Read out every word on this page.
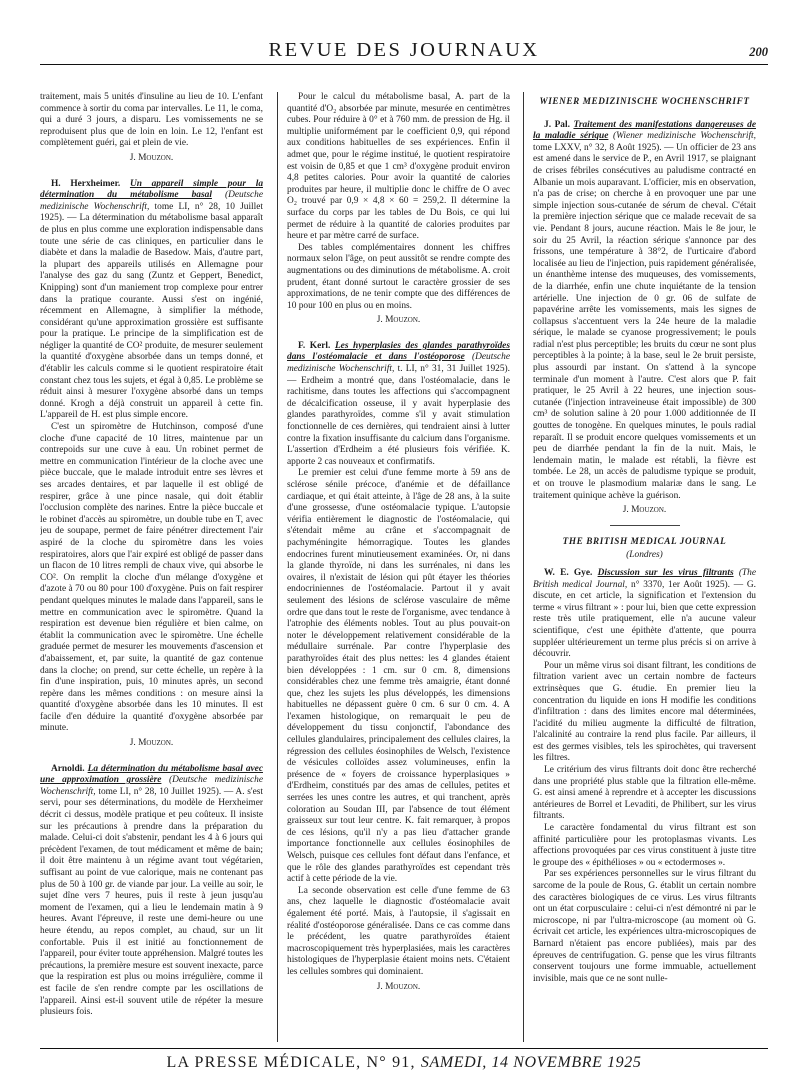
REVUE DES JOURNAUX	200

traitement, mais 5 unités d'insuline au lieu de 10. L'enfant commence à sortir du coma par intervalles. Le 11, le coma, qui a duré 3 jours, a disparu. Les vomissements ne se reproduisent plus que de loin en loin. Le 12, l'enfant est complètement guéri, gai et plein de vie.

J. Mouzon.

H. Herxheimer. Un appareil simple pour la détermination du métabolisme basal (Deutsche medizinische Wochenschrift, tome LI, n° 28, 10 Juillet 1925). — La détermination du métabolisme basal apparaît de plus en plus comme une exploration indispensable dans toute une série de cas cliniques, en particulier dans le diabète et dans la maladie de Basedow. Mais, d'autre part, la plupart des appareils utilisés en Allemagne pour l'analyse des gaz du sang (Zuntz et Geppert, Benedict, Knipping) sont d'un maniement trop complexe pour entrer dans la pratique courante. Aussi s'est on ingénié, récemment en Allemagne, à simplifier la méthode, considérant qu'une approximation grossière est suffisante pour la pratique. Le principe de la simplification est de négliger la quantité de CO² produite, de mesurer seulement la quantité d'oxygène absorbée dans un temps donné, et d'établir les calculs comme si le quotient respiratoire était constant chez tous les sujets, et égal à 0,85. Le problème se réduit ainsi à mesurer l'oxygène absorbé dans un temps donné. Krogh a déjà construit un appareil à cette fin. L'appareil de H. est plus simple encore.

C'est un spiromètre de Hutchinson, composé d'une cloche d'une capacité de 10 litres, maintenue par un contrepoids sur une cuve à eau. Un robinet permet de mettre en communication l'intérieur de la cloche avec une pièce buccale, que le malade introduit entre ses lèvres et ses arcades dentaires, et par laquelle il est obligé de respirer, grâce à une pince nasale, qui doit établir l'occlusion complète des narines. Entre la pièce buccale et le robinet d'accès au spiromètre, un double tube en T, avec jeu de soupape, permet de faire pénétrer directement l'air aspiré de la cloche du spiromètre dans les voies respiratoires, alors que l'air expiré est obligé de passer dans un flacon de 10 litres rempli de chaux vive, qui absorbe le CO². On remplit la cloche d'un mélange d'oxygène et d'azote à 70 ou 80 pour 100 d'oxygène. Puis on fait respirer pendant quelques minutes le malade dans l'appareil, sans le mettre en communication avec le spiromètre. Quand la respiration est devenue bien régulière et bien calme, on établit la communication avec le spiromètre. Une échelle graduée permet de mesurer les mouvements d'ascension et d'abaissement, et, par suite, la quantité de gaz contenue dans la cloche; on prend, sur cette échelle, un repère à la fin d'une inspiration, puis, 10 minutes après, un second repère dans les mêmes conditions : on mesure ainsi la quantité d'oxygène absorbée dans les 10 minutes. Il est facile d'en déduire la quantité d'oxygène absorbée par minute.

J. Mouzon.

Arnoldi. La détermination du métabolisme basal avec une approximation grossière (Deutsche medizinische Wochenschrift, tome LI, n° 28, 10 Juillet 1925). — A. s'est servi, pour ses déterminations, du modèle de Herxheimer décrit ci dessus, modèle pratique et peu coûteux. Il insiste sur les précautions à prendre dans la préparation du malade. Celui-ci doit s'abstenir, pendant les 4 à 6 jours qui précèdent l'examen, de tout médicament et même de bain; il doit être maintenu à un régime avant tout végétarien, suffisant au point de vue calorique, mais ne contenant pas plus de 50 à 100 gr. de viande par jour. La veille au soir, le sujet dîne vers 7 heures, puis il reste à jeun jusqu'au moment de l'examen, qui a lieu le lendemain matin à 9 heures. Avant l'épreuve, il reste une demi-heure ou une heure étendu, au repos complet, au chaud, sur un lit confortable. Puis il est initié au fonctionnement de l'appareil, pour éviter toute appréhension. Malgré toutes les précautions, la première mesure est souvent inexacte, parce que la respiration est plus ou moins irrégulière, comme il est facile de s'en rendre compte par les oscillations de l'appareil. Ainsi est-il souvent utile de répéter la mesure plusieurs fois.

Pour le calcul du métabolisme basal, A. part de la quantité d'O₂ absorbée par minute, mesurée en centimètres cubes. Pour réduire à 0° et à 760 mm. de pression de Hg. il multiplie uniformément par le coefficient 0,9, qui répond aux conditions habituelles de ses expériences. Enfin il admet que, pour le régime institué, le quotient respiratoire est voisin de 0,85 et que 1 cm³ d'oxygène produit environ 4,8 petites calories. Pour avoir la quantité de calories produites par heure, il multiplie donc le chiffre de O avec O₂ trouvé par 0,9 × 4,8 × 60 = 259,2. Il détermine la surface du corps par les tables de Du Bois, ce qui lui permet de réduire à la quantité de calories produites par heure et par mètre carré de surface.

Des tables complémentaires donnent les chiffres normaux selon l'âge, on peut aussitôt se rendre compte des augmentations ou des diminutions de métabolisme. A. croit prudent, étant donné surtout le caractère grossier de ses approximations, de ne tenir compte que des différences de 10 pour 100 en plus ou en moins.

J. Mouzon.

F. Kerl. Les hyperplasies des glandes parathyroïdes dans l'ostéomalacie et dans l'ostéoporose (Deutsche medizinische Wochenschrift, t. LI, n° 31, 31 Juillet 1925). — Erdheim a montré que, dans l'ostéomalacie, dans le rachitisme, dans toutes les affections qui s'accompagnent de décalcification osseuse, il y avait hyperplasie des glandes parathyroïdes, comme s'il y avait stimulation fonctionnelle de ces dernières, qui tendraient ainsi à lutter contre la fixation insuffisante du calcium dans l'organisme. L'assertion d'Erdheim a été plusieurs fois vérifiée. K. apporte 2 cas nouveaux et confirmatifs.

Le premier est celui d'une femme morte à 59 ans de sclérose sénile précoce, d'anémie et de défaillance cardiaque, et qui était atteinte, à l'âge de 28 ans, à la suite d'une grossesse, d'une ostéomalacie typique. L'autopsie vérifia entièrement le diagnostic de l'ostéomalacie, qui s'étendait même au crâne et s'accompagnait de pachyméningite hémorragique. Toutes les glandes endocrines furent minutieusement examinées. Or, ni dans la glande thyroïde, ni dans les surrénales, ni dans les ovaires, il n'existait de lésion qui pût étayer les théories endocriniennes de l'ostéomalacie. Partout il y avait seulement des lésions de sclérose vasculaire de même ordre que dans tout le reste de l'organisme, avec tendance à l'atrophie des éléments nobles. Tout au plus pouvait-on noter le développement relativement considérable de la médullaire surrénale. Par contre l'hyperplasie des parathyroïdes était des plus nettes: les 4 glandes étaient bien développées : 1 cm. sur 0 cm. 8, dimensions considérables chez une femme très amaigrie, étant donné que, chez les sujets les plus développés, les dimensions habituelles ne dépassent guère 0 cm. 6 sur 0 cm. 4. A l'examen histologique, on remarquait le peu de développement du tissu conjonctif, l'abondance des cellules glandulaires, principalement des cellules claires, la régression des cellules éosinophiles de Welsch, l'existence de vésicules colloïdes assez volumineuses, enfin la présence de « foyers de croissance hyperplasiques » d'Erdheim, constitués par des amas de cellules, petites et serrées les unes contre les autres, et qui tranchent, après coloration au Soudan III, par l'absence de tout élément graisseux sur tout leur centre. K. fait remarquer, à propos de ces lésions, qu'il n'y a pas lieu d'attacher grande importance fonctionnelle aux cellules éosinophiles de Welsch, puisque ces cellules font défaut dans l'enfance, et que le rôle des glandes parathyroïdes est cependant très actif à cette période de la vie.

La seconde observation est celle d'une femme de 63 ans, chez laquelle le diagnostic d'ostéomalacie avait également été porté. Mais, à l'autopsie, il s'agissait en réalité d'ostéoporose généralisée. Dans ce cas comme dans le précédent, les quatre parathyroïdes étaient macroscopiquement très hyperplasiées, mais les caractères histologiques de l'hyperplasie étaient moins nets. C'étaient les cellules sombres qui dominaient.

J. Mouzon.

WIENER MEDIZINISCHE WOCHENSCHRIFT

J. Pal. Traitement des manifestations dangereuses de la maladie sérique (Wiener medizinische Wochenschrift, tome LXXV, n° 32, 8 Août 1925). — Un officier de 23 ans est amené dans le service de P., en Avril 1917, se plaignant de crises fébriles consécutives au paludisme contracté en Albanie un mois auparavant. L'officier, mis en observation, n'a pas de crise; on cherche à en provoquer une par une simple injection sous-cutanée de sérum de cheval. C'était la première injection sérique que ce malade recevait de sa vie. Pendant 8 jours, aucune réaction. Mais le 8e jour, le soir du 25 Avril, la réaction sérique s'annonce par des frissons, une température à 38°2, de l'urticaire d'abord localisée au lieu de l'injection, puis rapidement généralisée, un énanthème intense des muqueuses, des vomissements, de la diarrhée, enfin une chute inquiétante de la tension artérielle. Une injection de 0 gr. 06 de sulfate de papavérine arrête les vomissements, mais les signes de collapsus s'accentuent vers la 24e heure de la maladie sérique, le malade se cyanose progressivement; le pouls radial n'est plus perceptible; les bruits du cœur ne sont plus perceptibles à la pointe; à la base, seul le 2e bruit persiste, plus assourdi par instant. On s'attend à la syncope terminale d'un moment à l'autre. C'est alors que P. fait pratiquer, le 25 Avril à 22 heures, une injection sous-cutanée (l'injection intraveineuse était impossible) de 300 cm³ de solution saline à 20 pour 1.000 additionnée de II gouttes de tonogène. En quelques minutes, le pouls radial reparaît. Il se produit encore quelques vomissements et un peu de diarrhée pendant la fin de la nuit. Mais, le lendemain matin, le malade est rétabli, la fièvre est tombée. Le 28, un accès de paludisme typique se produit, et on trouve le plasmodium malariæ dans le sang. Le traitement quinique achève la guérison.

J. Mouzon.

THE BRITISH MEDICAL JOURNAL

(Londres)

W. E. Gye. Discussion sur les virus filtrants (The British medical Journal, n° 3370, 1er Août 1925). — G. discute, en cet article, la signification et l'extension du terme « virus filtrant » : pour lui, bien que cette expression reste très utile pratiquement, elle n'a aucune valeur scientifique, c'est une épithète d'attente, que pourra suppléer ultérieurement un terme plus précis si on arrive à découvrir.

Pour un même virus soi disant filtrant, les conditions de filtration varient avec un certain nombre de facteurs extrinsèques que G. étudie. En premier lieu la concentration du liquide en ions H modifie les conditions d'infiltration : dans des limites encore mal déterminées, l'acidité du milieu augmente la difficulté de filtration, l'alcalinité au contraire la rend plus facile. Par ailleurs, il est des germes visibles, tels les spirochètes, qui traversent les filtres.

Le critérium des virus filtrants doit donc être recherché dans une propriété plus stable que la filtration elle-même. G. est ainsi amené à reprendre et à accepter les discussions antérieures de Borrel et Levaditi, de Philibert, sur les virus filtrants.

Le caractère fondamental du virus filtrant est son affinité particulière pour les protoplasmas vivants. Les affections provoquées par ces virus constituent à juste titre le groupe des « épithélioses » ou « ectodermoses ».

Par ses expériences personnelles sur le virus filtrant du sarcome de la poule de Rous, G. établit un certain nombre des caractères biologiques de ce virus. Les virus filtrants ont un état corpusculaire : celui-ci n'est démontré ni par le microscope, ni par l'ultra-microscope (au moment où G. écrivait cet article, les expériences ultra-microscopiques de Barnard n'étaient pas encore publiées), mais par des épreuves de centrifugation. G. pense que les virus filtrants conservent toujours une forme immuable, actuellement invisible, mais que ce ne sont nulle-

LA PRESSE MÉDICALE, N° 91, SAMEDI, 14 NOVEMBRE 1925
